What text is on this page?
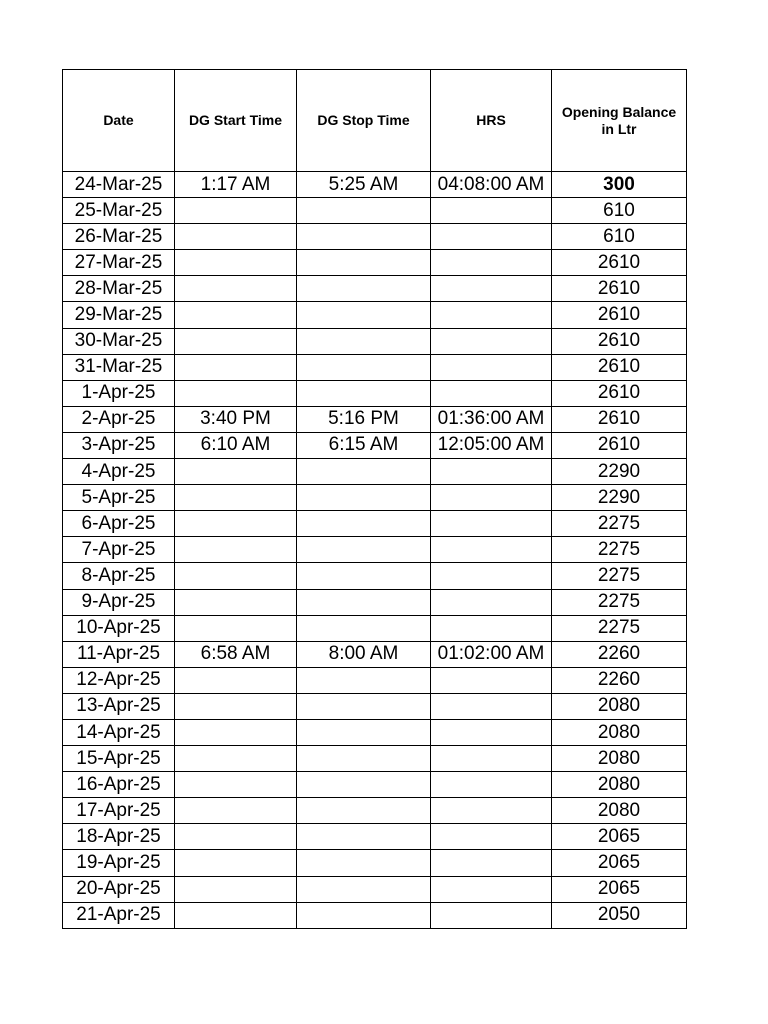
Date	DG Start Time	DG Stop Time	HRS	Opening Balance in Ltr

24-Mar-25	1:17 AM	5:25 AM	04:08:00 AM	300
25-Mar-25				610
26-Mar-25				610
27-Mar-25				2610
28-Mar-25				2610
29-Mar-25				2610
30-Mar-25				2610
31-Mar-25				2610
1-Apr-25				2610
2-Apr-25	3:40 PM	5:16 PM	01:36:00 AM	2610
3-Apr-25	6:10 AM	6:15 AM	12:05:00 AM	2610
4-Apr-25				2290
5-Apr-25				2290
6-Apr-25				2275
7-Apr-25				2275
8-Apr-25				2275
9-Apr-25				2275
10-Apr-25				2275
11-Apr-25	6:58 AM	8:00 AM	01:02:00 AM	2260
12-Apr-25				2260
13-Apr-25				2080
14-Apr-25				2080
15-Apr-25				2080
16-Apr-25				2080
17-Apr-25				2080
18-Apr-25				2065
19-Apr-25				2065
20-Apr-25				2065
21-Apr-25				2050
